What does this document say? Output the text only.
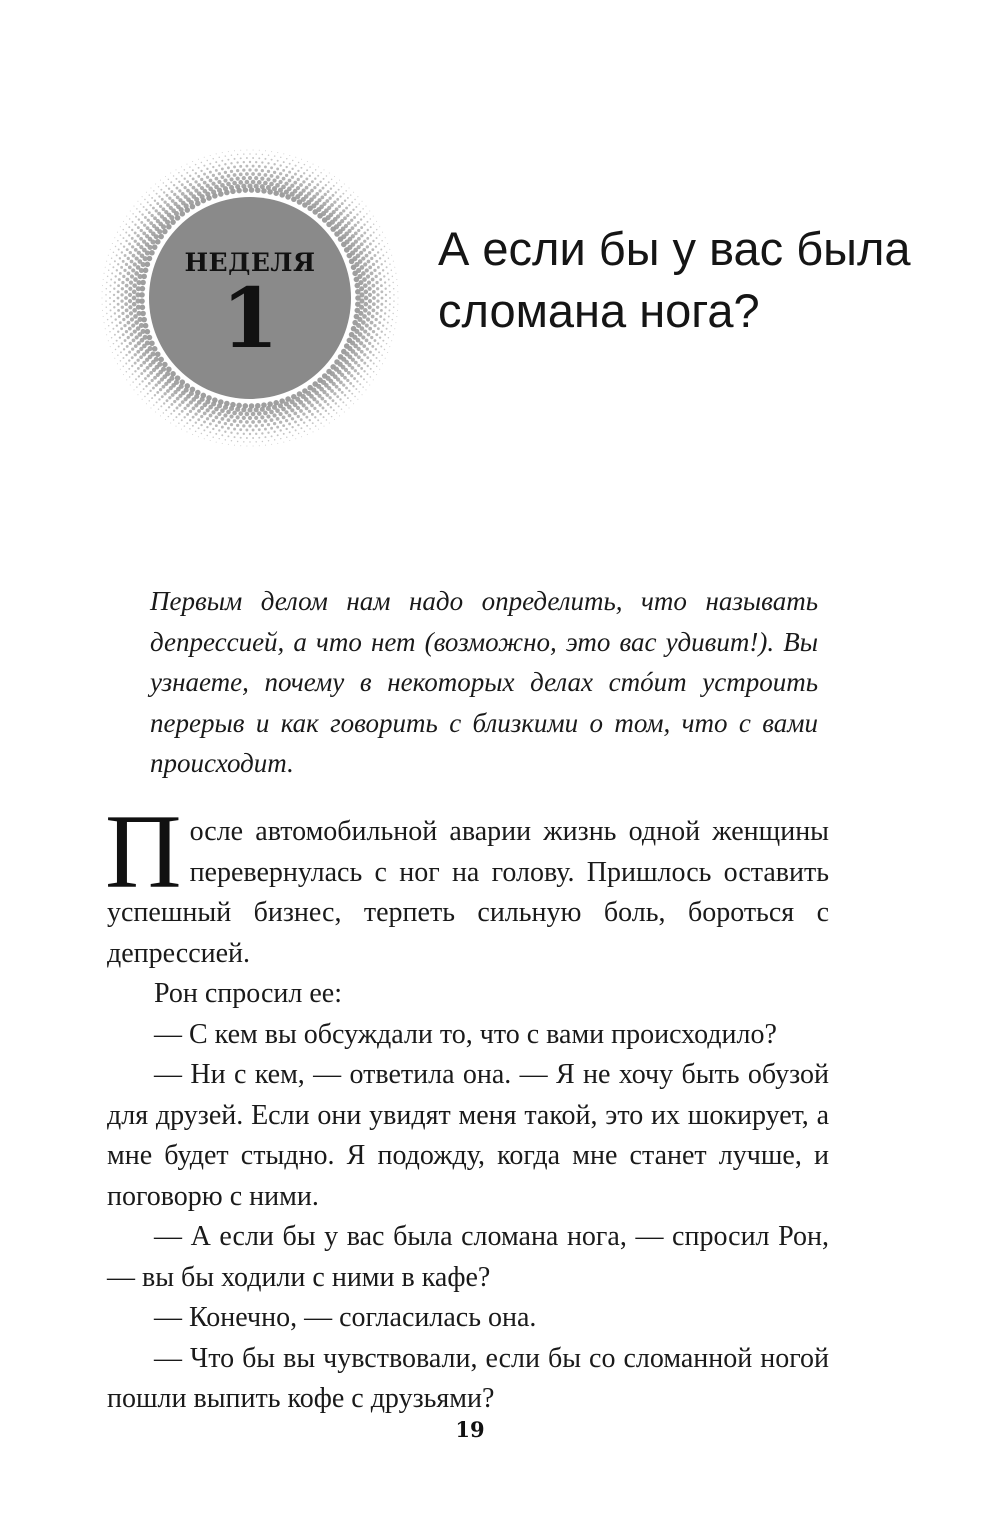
НЕДЕЛЯ
1
А если бы у вас была сломана нога?

Первым делом нам надо определить, что называть депрессией, а что нет (возможно, это вас удивит!). Вы узнаете, почему в некоторых делах стóит устроить перерыв и как говорить с близкими о том, что с вами происходит.

После автомобильной аварии жизнь одной женщины перевернулась с ног на голову. Пришлось оставить успешный бизнес, терпеть сильную боль, бороться с депрессией.

Рон спросил ее:

— С кем вы обсуждали то, что с вами происходило?

— Ни с кем, — ответила она. — Я не хочу быть обузой для друзей. Если они увидят меня такой, это их шокирует, а мне будет стыдно. Я подожду, когда мне станет лучше, и поговорю с ними.

— А если бы у вас была сломана нога, — спросил Рон, — вы бы ходили с ними в кафе?

— Конечно, — согласилась она.

— Что бы вы чувствовали, если бы со сломанной ногой пошли выпить кофе с друзьями?

19
